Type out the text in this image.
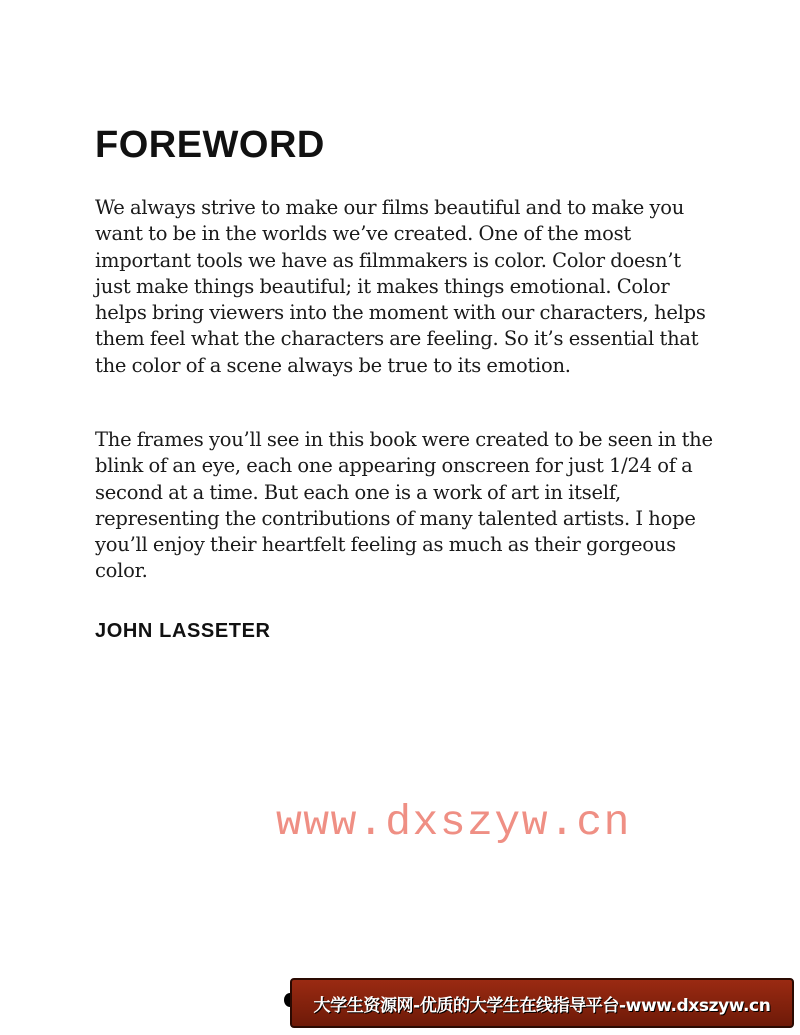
FOREWORD

We always strive to make our films beautiful and to make you want to be in the worlds we’ve created. One of the most important tools we have as filmmakers is color. Color doesn’t just make things beautiful; it makes things emotional. Color helps bring viewers into the moment with our characters, helps them feel what the characters are feeling. So it’s essential that the color of a scene always be true to its emotion.

The frames you’ll see in this book were created to be seen in the blink of an eye, each one appearing onscreen for just 1/24 of a second at a time. But each one is a work of art in itself, representing the contributions of many talented artists. I hope you’ll enjoy their heartfelt feeling as much as their gorgeous color.

JOHN LASSETER

www.dxszyw.cn
大学生资源网-优质的大学生在线指导平台-www.dxszyw.cn
